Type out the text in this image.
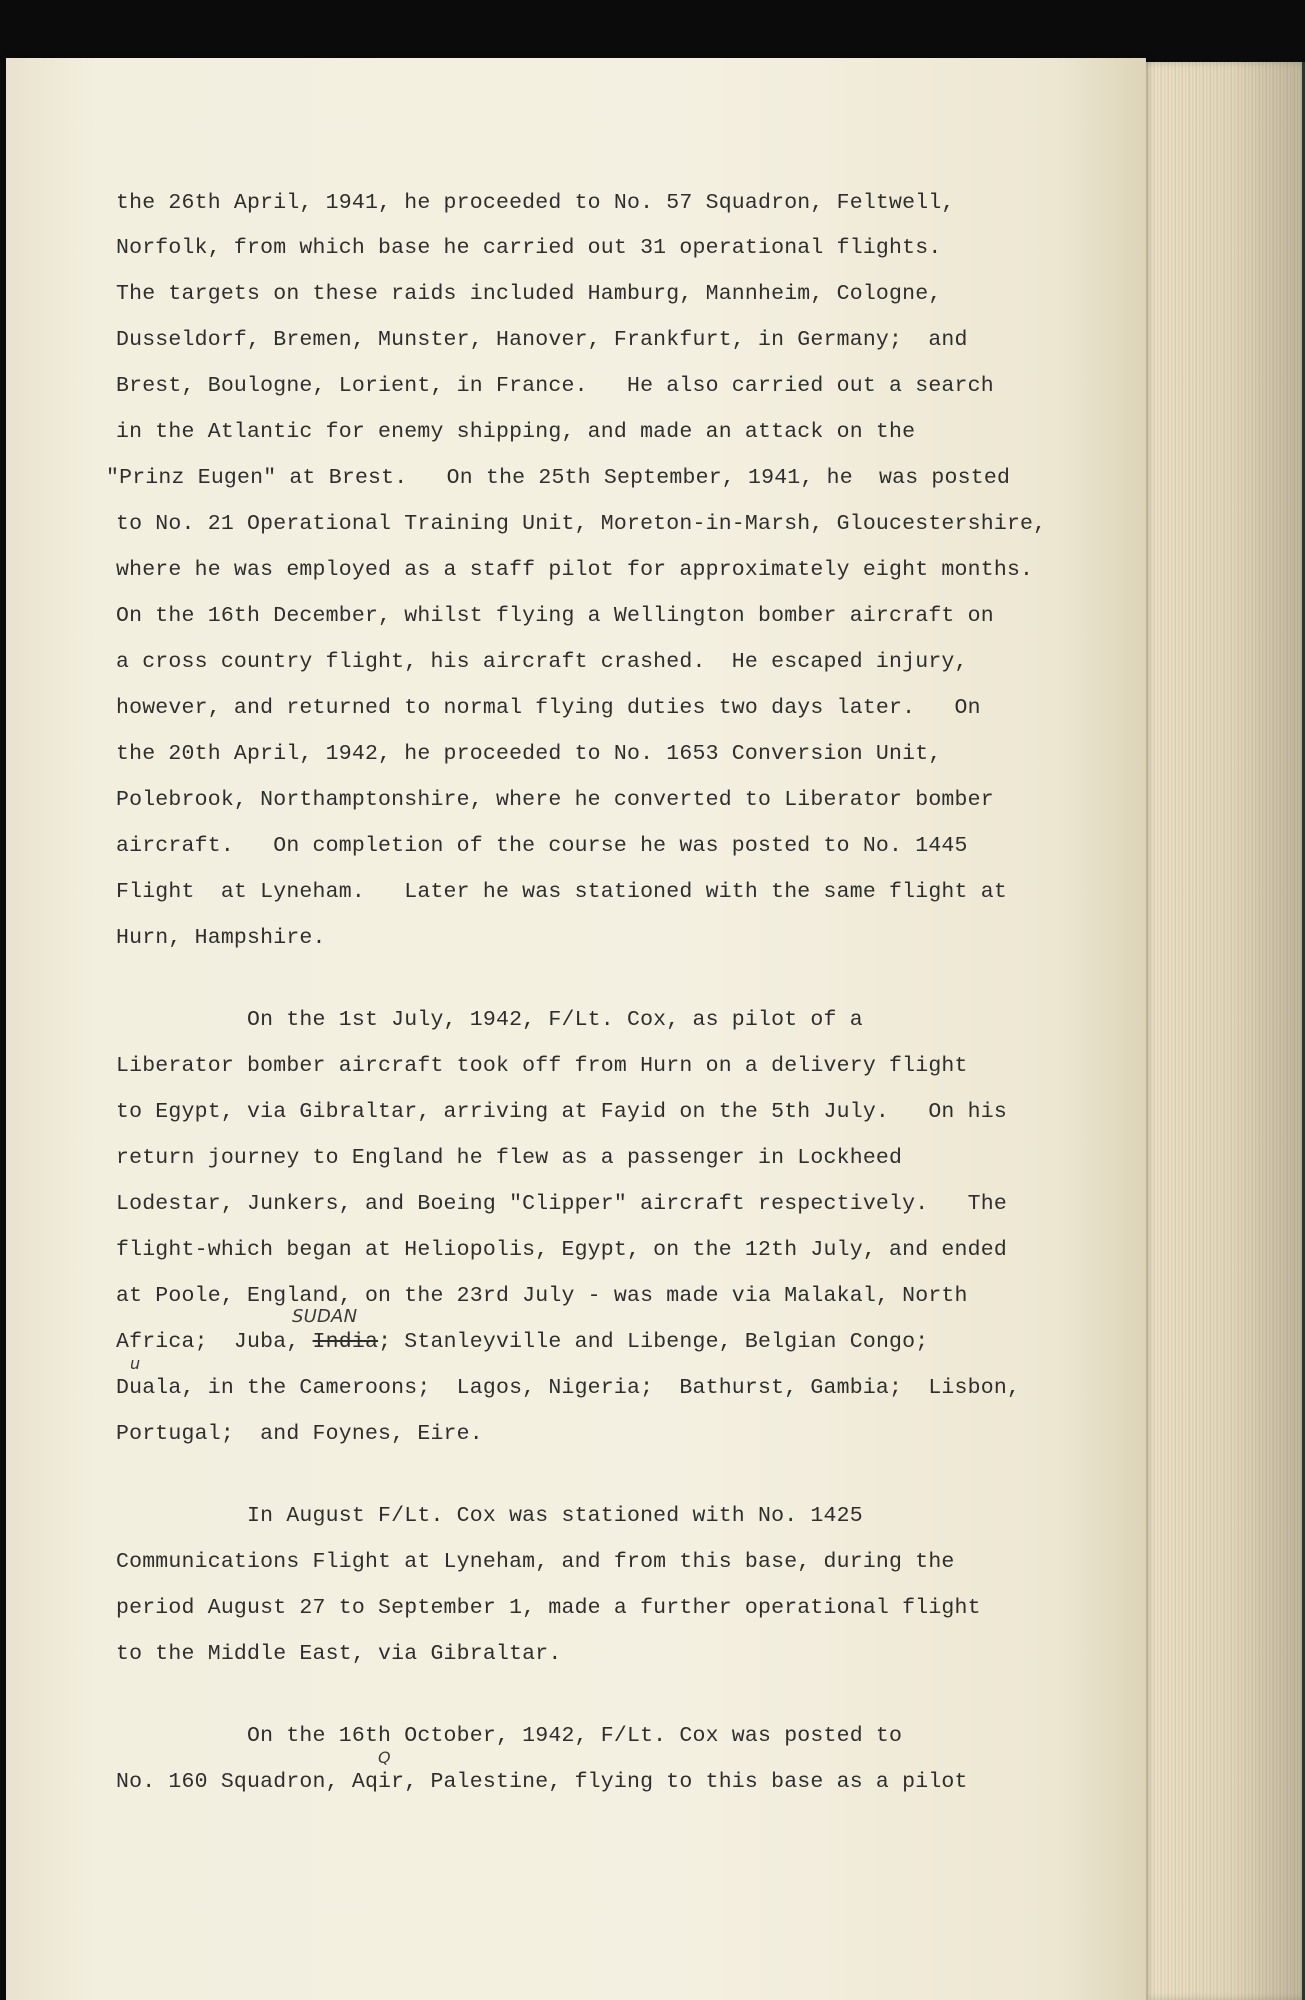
the 26th April, 1941, he proceeded to No. 57 Squadron, Feltwell,

Norfolk, from which base he carried out 31 operational flights.

The targets on these raids included Hamburg, Mannheim, Cologne,

Dusseldorf, Bremen, Munster, Hanover, Frankfurt, in Germany;  and

Brest, Boulogne, Lorient, in France.   He also carried out a search

in the Atlantic for enemy shipping, and made an attack on the

"Prinz Eugen" at Brest.   On the 25th September, 1941, he  was posted

to No. 21 Operational Training Unit, Moreton-in-Marsh, Gloucestershire,

where he was employed as a staff pilot for approximately eight months.

On the 16th December, whilst flying a Wellington bomber aircraft on

a cross country flight, his aircraft crashed.  He escaped injury,

however, and returned to normal flying duties two days later.   On

the 20th April, 1942, he proceeded to No. 1653 Conversion Unit,

Polebrook, Northamptonshire, where he converted to Liberator bomber

aircraft.   On completion of the course he was posted to No. 1445

Flight  at Lyneham.   Later he was stationed with the same flight at

Hurn, Hampshire.

On the 1st July, 1942, F/Lt. Cox, as pilot of a

Liberator bomber aircraft took off from Hurn on a delivery flight

to Egypt, via Gibraltar, arriving at Fayid on the 5th July.   On his

return journey to England he flew as a passenger in Lockheed

Lodestar, Junkers, and Boeing "Clipper" aircraft respectively.   The

flight-which began at Heliopolis, Egypt, on the 12th July, and ended

at Poole, England, on the 23rd July - was made via Malakal, North

Africa;  Juba, India; Stanleyville and Libenge, Belgian Congo;

SUDAN

Duala, in the Cameroons;  Lagos, Nigeria;  Bathurst, Gambia;  Lisbon,

u

Portugal;  and Foynes, Eire.

In August F/Lt. Cox was stationed with No. 1425

Communications Flight at Lyneham, and from this base, during the

period August 27 to September 1, made a further operational flight

to the Middle East, via Gibraltar.

On the 16th October, 1942, F/Lt. Cox was posted to

Q

No. 160 Squadron, Aqir, Palestine, flying to this base as a pilot
